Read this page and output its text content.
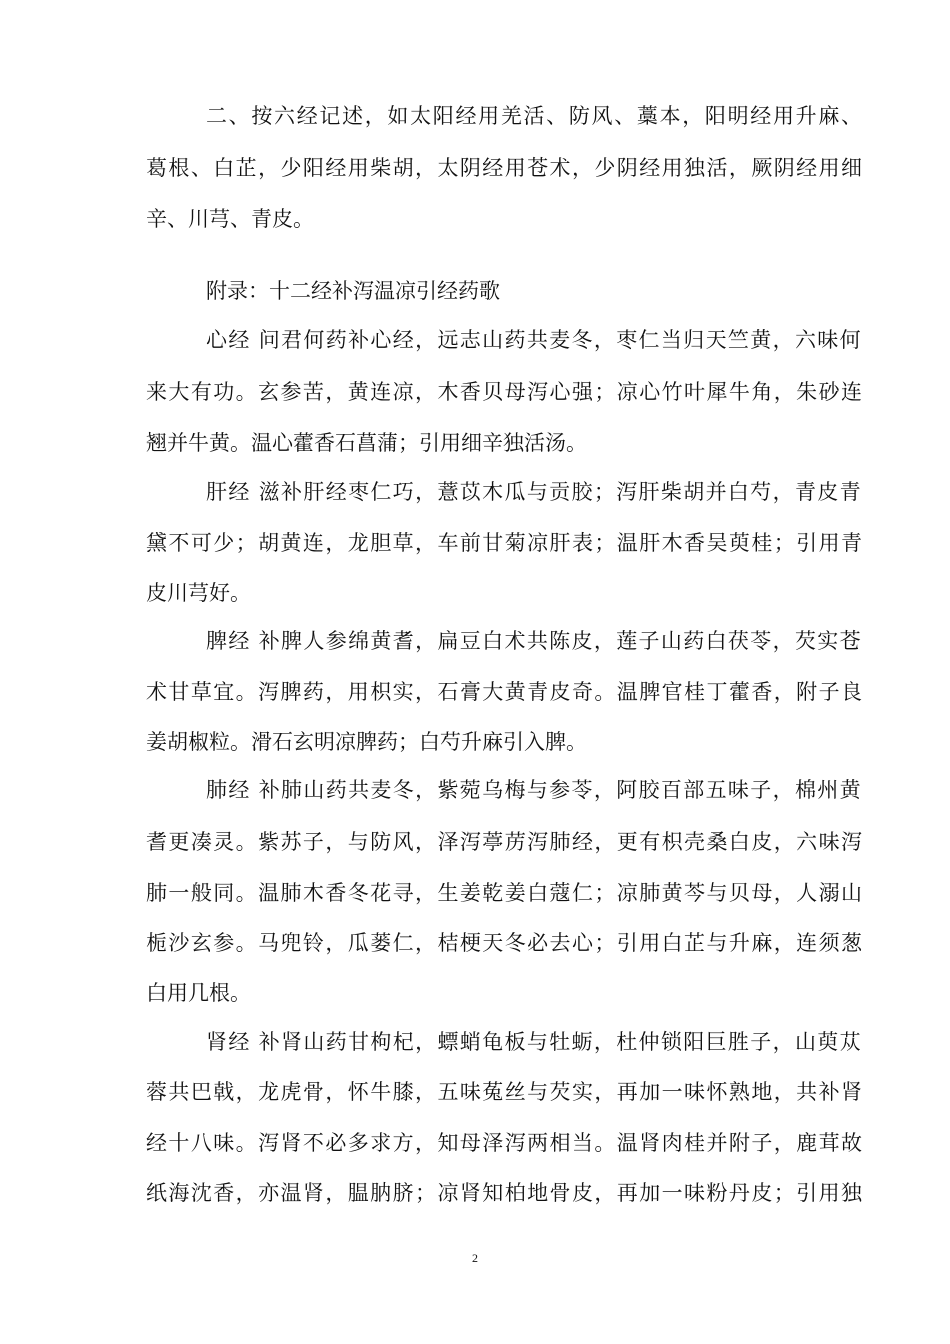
二、按六经记述，如太阳经用羌活、防风、藁本，阳明经用升麻、
葛根、白芷，少阳经用柴胡，太阴经用苍术，少阴经用独活，厥阴经用细
辛、川芎、青皮。
附录：十二经补泻温凉引经药歌
心经 问君何药补心经，远志山药共麦冬，枣仁当归天竺黄，六味何
来大有功。玄参苦，黄连凉，木香贝母泻心强；凉心竹叶犀牛角，朱砂连
翘并牛黄。温心藿香石菖蒲；引用细辛独活汤。
肝经 滋补肝经枣仁巧，薏苡木瓜与贡胶；泻肝柴胡并白芍，青皮青
黛不可少；胡黄连，龙胆草，车前甘菊凉肝表；温肝木香吴萸桂；引用青
皮川芎好。
脾经 补脾人参绵黄耆，扁豆白术共陈皮，莲子山药白茯苓，芡实苍
术甘草宜。泻脾药，用枳实，石膏大黄青皮奇。温脾官桂丁藿香，附子良
姜胡椒粒。滑石玄明凉脾药；白芍升麻引入脾。
肺经 补肺山药共麦冬，紫菀乌梅与参苓，阿胶百部五味子，棉州黄
耆更凑灵。紫苏子，与防风，泽泻葶苈泻肺经，更有枳壳桑白皮，六味泻
肺一般同。温肺木香冬花寻，生姜乾姜白蔻仁；凉肺黄芩与贝母，人溺山
栀沙玄参。马兜铃，瓜蒌仁，桔梗天冬必去心；引用白芷与升麻，连须葱
白用几根。
肾经 补肾山药甘枸杞，螵蛸龟板与牡蛎，杜仲锁阳巨胜子，山萸苁
蓉共巴戟，龙虎骨，怀牛膝，五味菟丝与芡实，再加一味怀熟地，共补肾
经十八味。泻肾不必多求方，知母泽泻两相当。温肾肉桂并附子，鹿茸故
纸海沈香，亦温肾，腽肭脐；凉肾知柏地骨皮，再加一味粉丹皮；引用独
2
